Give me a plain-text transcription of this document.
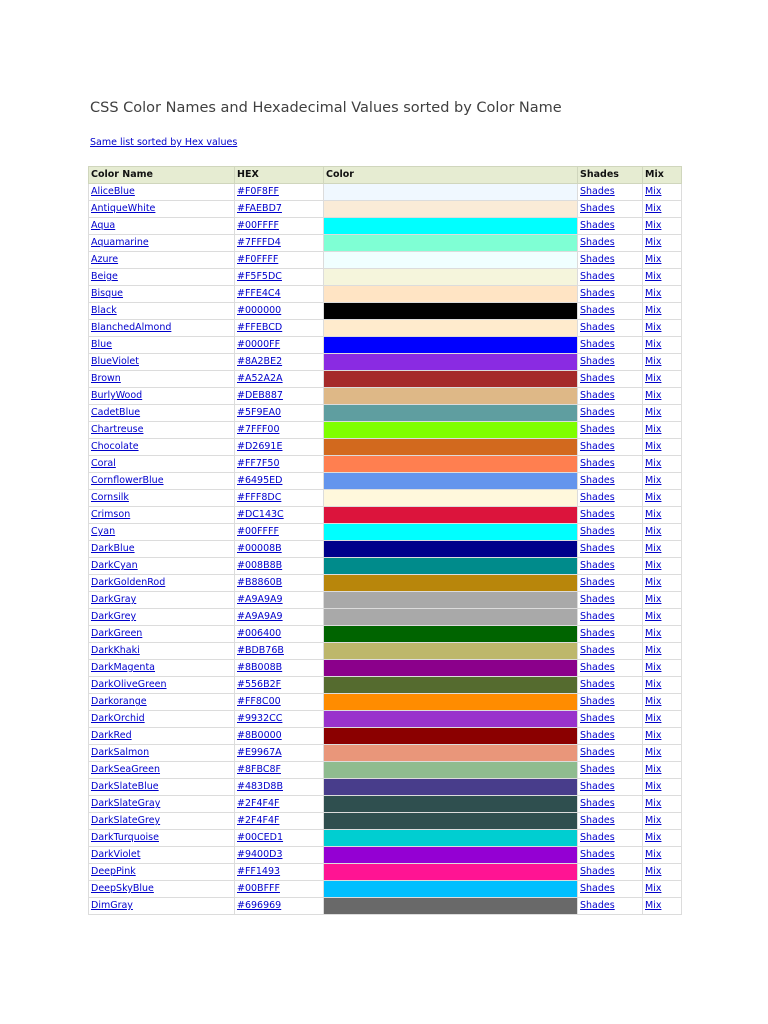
CSS Color Names and Hexadecimal Values sorted by Color Name
Same list sorted by Hex values
Color Name	HEX	Color	Shades	Mix
AliceBlue	#F0F8FF		Shades	Mix
AntiqueWhite	#FAEBD7		Shades	Mix
Aqua	#00FFFF		Shades	Mix
Aquamarine	#7FFFD4		Shades	Mix
Azure	#F0FFFF		Shades	Mix
Beige	#F5F5DC		Shades	Mix
Bisque	#FFE4C4		Shades	Mix
Black	#000000		Shades	Mix
BlanchedAlmond	#FFEBCD		Shades	Mix
Blue	#0000FF		Shades	Mix
BlueViolet	#8A2BE2		Shades	Mix
Brown	#A52A2A		Shades	Mix
BurlyWood	#DEB887		Shades	Mix
CadetBlue	#5F9EA0		Shades	Mix
Chartreuse	#7FFF00		Shades	Mix
Chocolate	#D2691E		Shades	Mix
Coral	#FF7F50		Shades	Mix
CornflowerBlue	#6495ED		Shades	Mix
Cornsilk	#FFF8DC		Shades	Mix
Crimson	#DC143C		Shades	Mix
Cyan	#00FFFF		Shades	Mix
DarkBlue	#00008B		Shades	Mix
DarkCyan	#008B8B		Shades	Mix
DarkGoldenRod	#B8860B		Shades	Mix
DarkGray	#A9A9A9		Shades	Mix
DarkGrey	#A9A9A9		Shades	Mix
DarkGreen	#006400		Shades	Mix
DarkKhaki	#BDB76B		Shades	Mix
DarkMagenta	#8B008B		Shades	Mix
DarkOliveGreen	#556B2F		Shades	Mix
Darkorange	#FF8C00		Shades	Mix
DarkOrchid	#9932CC		Shades	Mix
DarkRed	#8B0000		Shades	Mix
DarkSalmon	#E9967A		Shades	Mix
DarkSeaGreen	#8FBC8F		Shades	Mix
DarkSlateBlue	#483D8B		Shades	Mix
DarkSlateGray	#2F4F4F		Shades	Mix
DarkSlateGrey	#2F4F4F		Shades	Mix
DarkTurquoise	#00CED1		Shades	Mix
DarkViolet	#9400D3		Shades	Mix
DeepPink	#FF1493		Shades	Mix
DeepSkyBlue	#00BFFF		Shades	Mix
DimGray	#696969		Shades	Mix
